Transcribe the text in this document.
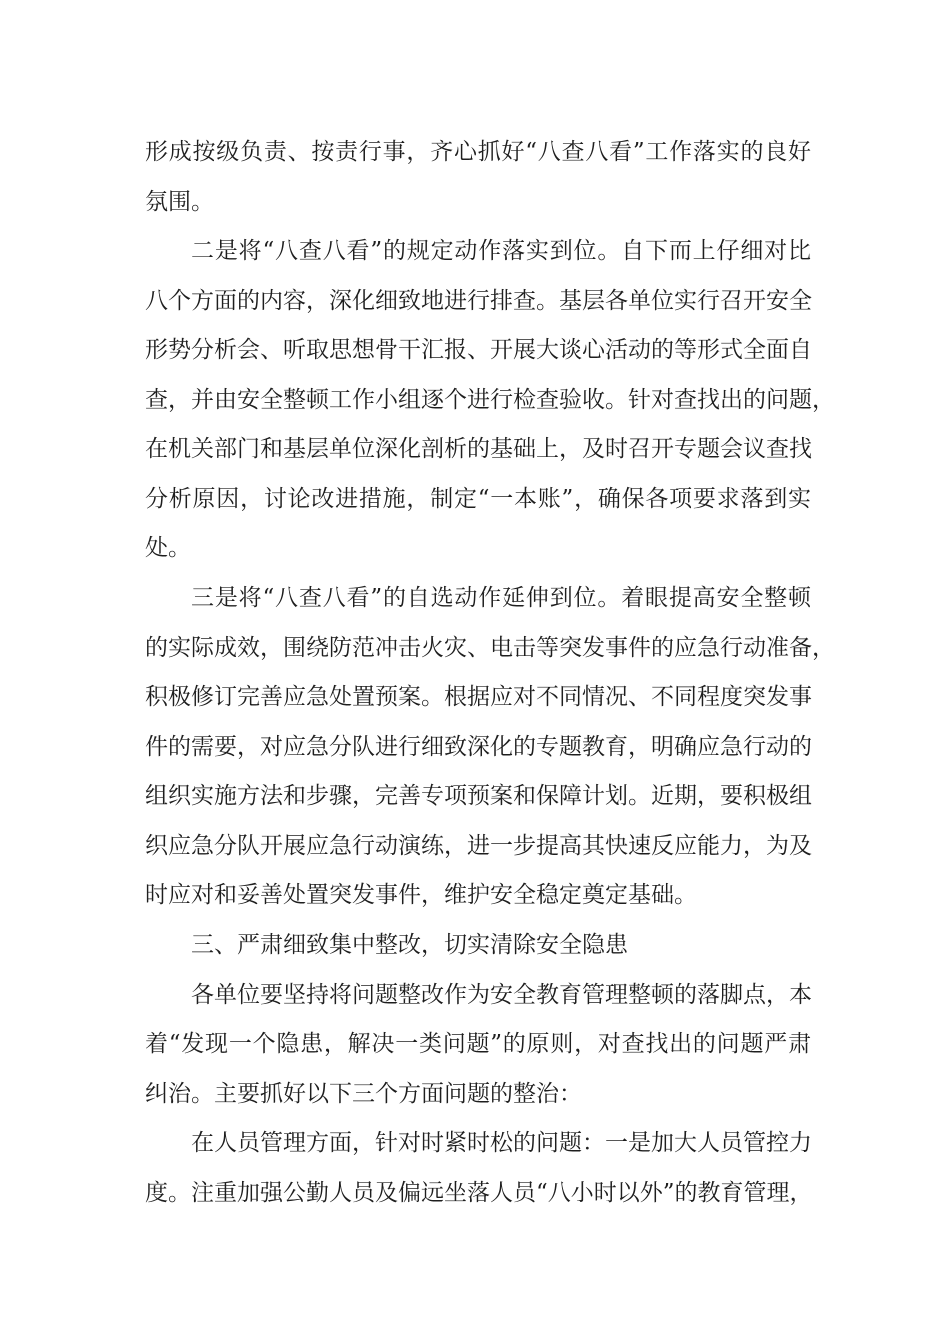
形成按级负责、按责行事，齐心抓好“八查八看”工作落实的良好

氛围。

二是将“八查八看”的规定动作落实到位。自下而上仔细对比

八个方面的内容，深化细致地进行排查。基层各单位实行召开安全

形势分析会、听取思想骨干汇报、开展大谈心活动的等形式全面自

查，并由安全整顿工作小组逐个进行检查验收。针对查找出的问题，

在机关部门和基层单位深化剖析的基础上，及时召开专题会议查找

分析原因，讨论改进措施，制定“一本账”，确保各项要求落到实

处。

三是将“八查八看”的自选动作延伸到位。着眼提高安全整顿

的实际成效，围绕防范冲击火灾、电击等突发事件的应急行动准备，

积极修订完善应急处置预案。根据应对不同情况、不同程度突发事

件的需要，对应急分队进行细致深化的专题教育，明确应急行动的

组织实施方法和步骤，完善专项预案和保障计划。近期，要积极组

织应急分队开展应急行动演练，进一步提高其快速反应能力，为及

时应对和妥善处置突发事件，维护安全稳定奠定基础。

三、严肃细致集中整改，切实清除安全隐患

各单位要坚持将问题整改作为安全教育管理整顿的落脚点，本

着“发现一个隐患，解决一类问题”的原则，对查找出的问题严肃

纠治。主要抓好以下三个方面问题的整治：

在人员管理方面，针对时紧时松的问题：一是加大人员管控力

度。注重加强公勤人员及偏远坐落人员“八小时以外”的教育管理，
